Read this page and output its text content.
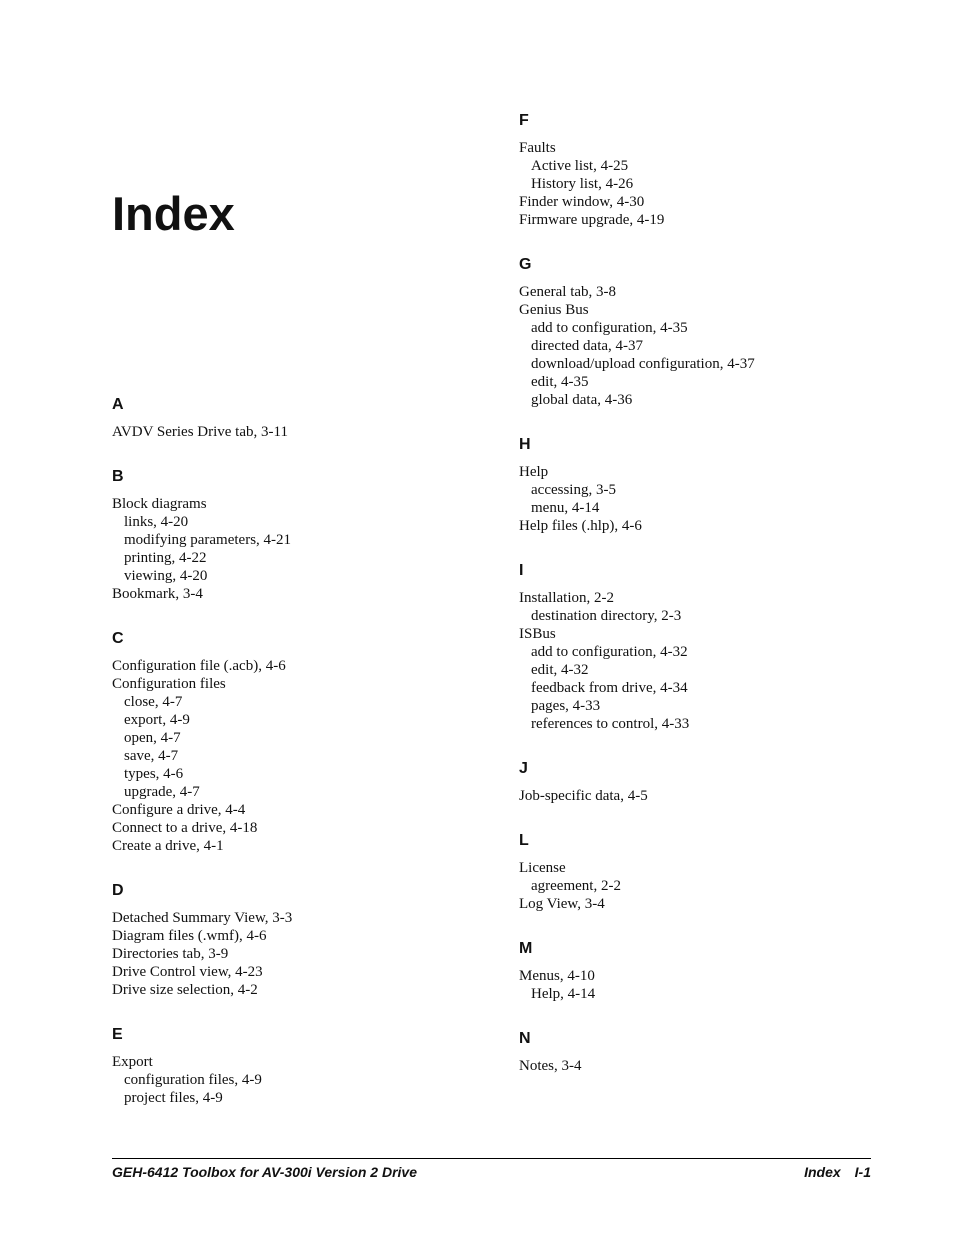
Index
A
AVDV Series Drive tab, 3-11
B
Block diagrams
links, 4-20
modifying parameters, 4-21
printing, 4-22
viewing, 4-20
Bookmark, 3-4
C
Configuration file (.acb), 4-6
Configuration files
close, 4-7
export, 4-9
open, 4-7
save, 4-7
types, 4-6
upgrade, 4-7
Configure a drive, 4-4
Connect to a drive, 4-18
Create a drive, 4-1
D
Detached Summary View, 3-3
Diagram files (.wmf), 4-6
Directories tab, 3-9
Drive Control view, 4-23
Drive size selection, 4-2
E
Export
configuration files, 4-9
project files, 4-9
F
Faults
Active list, 4-25
History list, 4-26
Finder window, 4-30
Firmware upgrade, 4-19
G
General tab, 3-8
Genius Bus
add to configuration, 4-35
directed data, 4-37
download/upload configuration, 4-37
edit, 4-35
global data, 4-36
H
Help
accessing, 3-5
menu, 4-14
Help files (.hlp), 4-6
I
Installation, 2-2
destination directory, 2-3
ISBus
add to configuration, 4-32
edit, 4-32
feedback from drive, 4-34
pages, 4-33
references to control, 4-33
J
Job-specific data, 4-5
L
License
agreement, 2-2
Log View, 3-4
M
Menus, 4-10
Help, 4-14
N
Notes, 3-4
GEH-6412 Toolbox for AV-300i Version 2 Drive	Index I-1
